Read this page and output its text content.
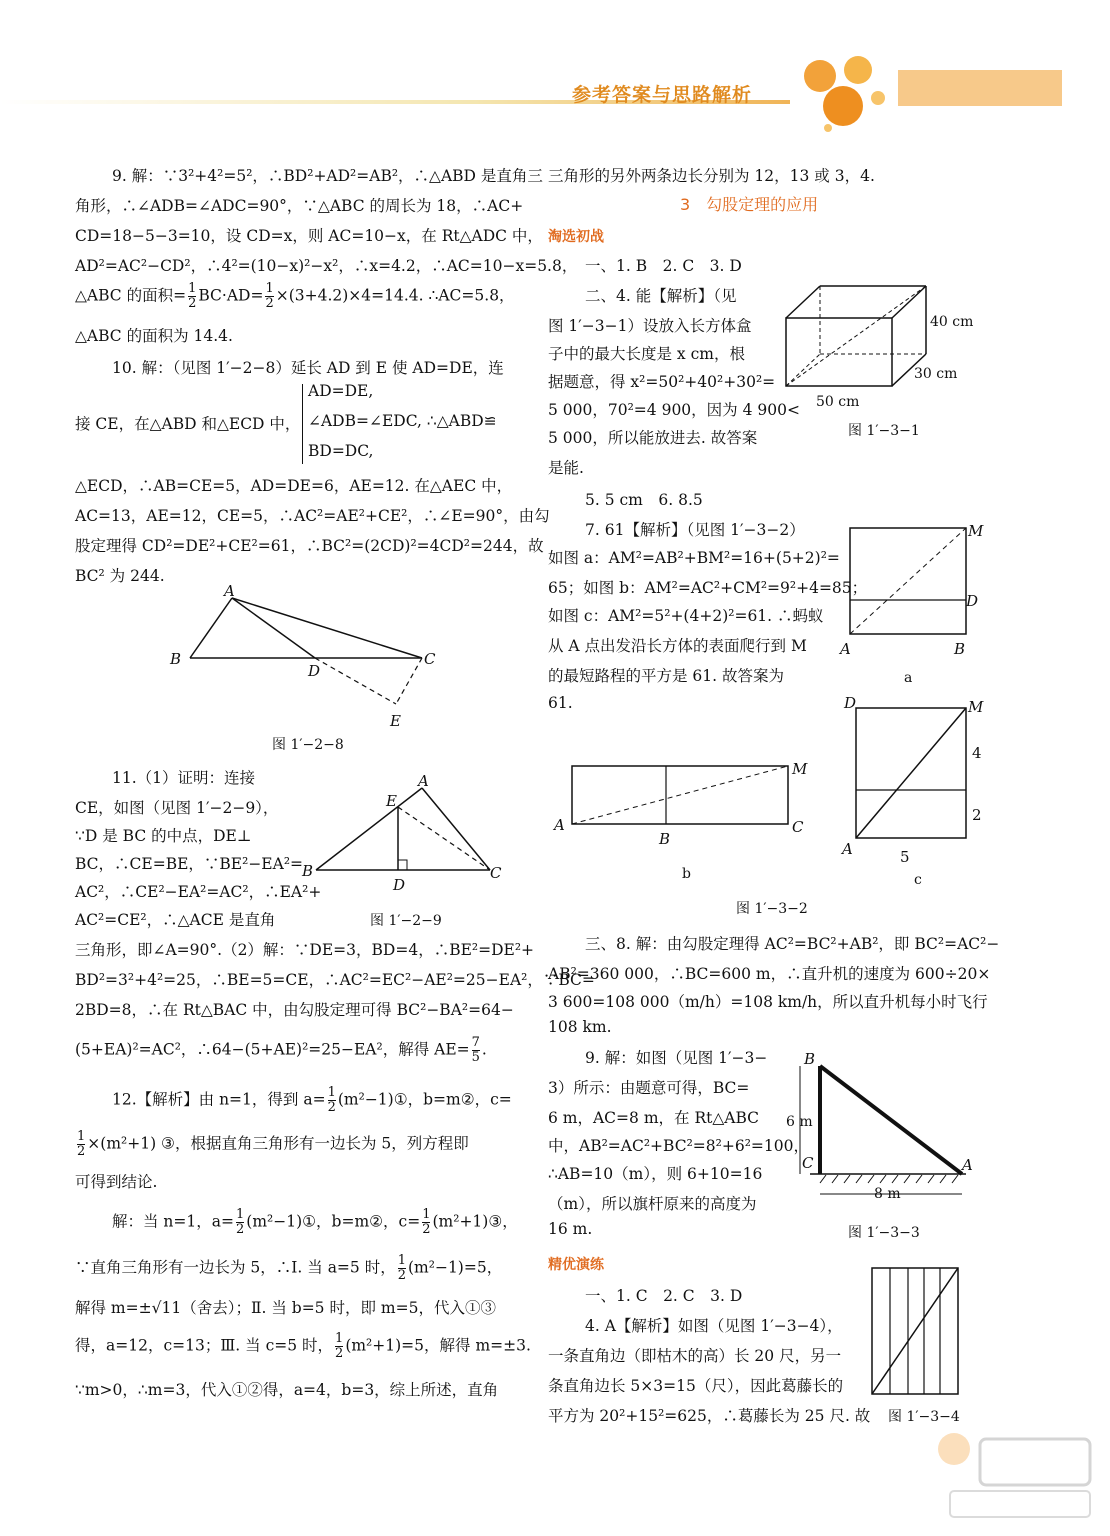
参考答案与思路解析
9. 解：∵3²+4²=5²，∴BD²+AD²=AB²，∴△ABD 是直角三
角形，∴∠ADB=∠ADC=90°，∵△ABC 的周长为 18，∴AC+
CD=18−5−3=10，设 CD=x，则 AC=10−x，在 Rt△ADC 中，
AD²=AC²−CD²，∴4²=(10−x)²−x²，∴x=4.2，∴AC=10−x=5.8，
△ABC 的面积= $\frac{1}{2} BC\cdot AD= \frac{1}{2} \times(3+4.2)\times 4=14.4$. ∴AC=5.8，
△ABC 的面积为 14.4.
10. 解：（见图 1′−2−8）延长 AD 到 E 使 AD=DE，连
AD=DE,
接 CE，在△ABD 和△ECD 中， ∠ADB=∠EDC, ∴△ABD≌
BD=DC,
△ECD，∴AB=CE=5，AD=DE=6，AE=12. 在△AEC 中，
AC=13，AE=12，CE=5，∴AC²=AE²+CE²，∴∠E=90°，由勾
股定理得 CD²=DE²+CE²=61，∴BC²=(2CD)²=4CD²=244，故
BC² 为 244.
A
B	C
D
E
图 1′−2−8
11.（1）证明：连接
CE，如图（见图 1′−2−9），
∵D 是 BC 的中点，DE⊥
BC，∴CE=BE，∵BE²−EA²=
AC²，∴CE²−EA²=AC²，∴EA²+
AC²=CE²，∴△ACE 是直角
三角形，即∠A=90°.（2）解：∵DE=3，BD=4，∴BE²=DE²+
BD²=3²+4²=25，∴BE=5=CE，∴AC²=EC²−AE²=25−EA²，∵BC=
2BD=8，∴在 Rt△BAC 中，由勾股定理可得 BC²−BA²=64−
(5+EA)²=AC²，∴64−(5+AE)²=25−EA²，解得 $AE= \frac{7}{5}$ .
A
B	C
D
E
图 1′−2−9
12.【解析】由 n=1，得到 $a= \frac{1}{2}$ (m²−1)①，b=m②，c=
$\frac{1}{2} \times(m^2+1)$ ③，根据直角三角形有一边长为 5，列方程即
可得到结论.
解：当 n=1，$a= \frac{1}{2}$ (m²−1)①，b=m②，$c= \frac{1}{2}$ (m²+1)③，
∵直角三角形有一边长为 5，∴Ⅰ. 当 a=5 时， $\frac{1}{2} (m^2-1)=5$，
解得 m=±√11（舍去）；Ⅱ. 当 b=5 时，即 m=5，代入①③
得，a=12，c=13；Ⅲ. 当 c=5 时， $\frac{1}{2} (m^2+1)=5$，解得 m=±3.
∵m>0，∴m=3，代入①②得，a=4，b=3，综上所述，直角
三角形的另外两条边长分别为 12，13 或 3，4.
3　勾股定理的应用
淘选初战
一、1. B　2. C　3. D
二、4. 能【解析】（见
图 1′−3−1）设放入长方体盒
子中的最大长度是 x cm，根
据题意，得 x²=50²+40²+30²=
5 000，70²=4 900，因为 4 900<
5 000，所以能放进去. 故答案
是能.
40 cm
30 cm
50 cm
图 1′−3−1
5. 5 cm　6. 8.5
7. 61【解析】（见图 1′−3−2）
如图 a：AM²=AB²+BM²=16+(5+2)²=
65；如图 b：AM²=AC²+CM²=9²+4=85；
如图 c：AM²=5²+(4+2)²=61. ∴蚂蚁
从 A 点出发沿长方体的表面爬行到 M
的最短路程的平方是 61. 故答案为
61.
M
D
A	B
a
M
A
B
C
b
D	M
A
4
2
5
c
图 1′−3−2
三、8. 解：由勾股定理得 AC²=BC²+AB²，即 BC²=AC²−
AB²=360 000，∴BC=600 m，∴直升机的速度为 600÷20×
3 600=108 000（m/h）=108 km/h，所以直升机每小时飞行
108 km.
9. 解：如图（见图 1′−3−
3）所示：由题意可得，BC=
6 m，AC=8 m，在 Rt△ABC
中，AB²=AC²+BC²=8²+6²=100，
∴AB=10（m），则 6+10=16
（m），所以旗杆原来的高度为
16 m.
B
C	A
6 m
8 m
图 1′−3−3
精优演练
一、1. C　2. C　3. D
4. A【解析】如图（见图 1′−3−4），
一条直角边（即枯木的高）长 20 尺，另一
条直角边长 5×3=15（尺），因此葛藤长的
平方为 20²+15²=625，∴葛藤长为 25 尺. 故 图 1′−3−4
